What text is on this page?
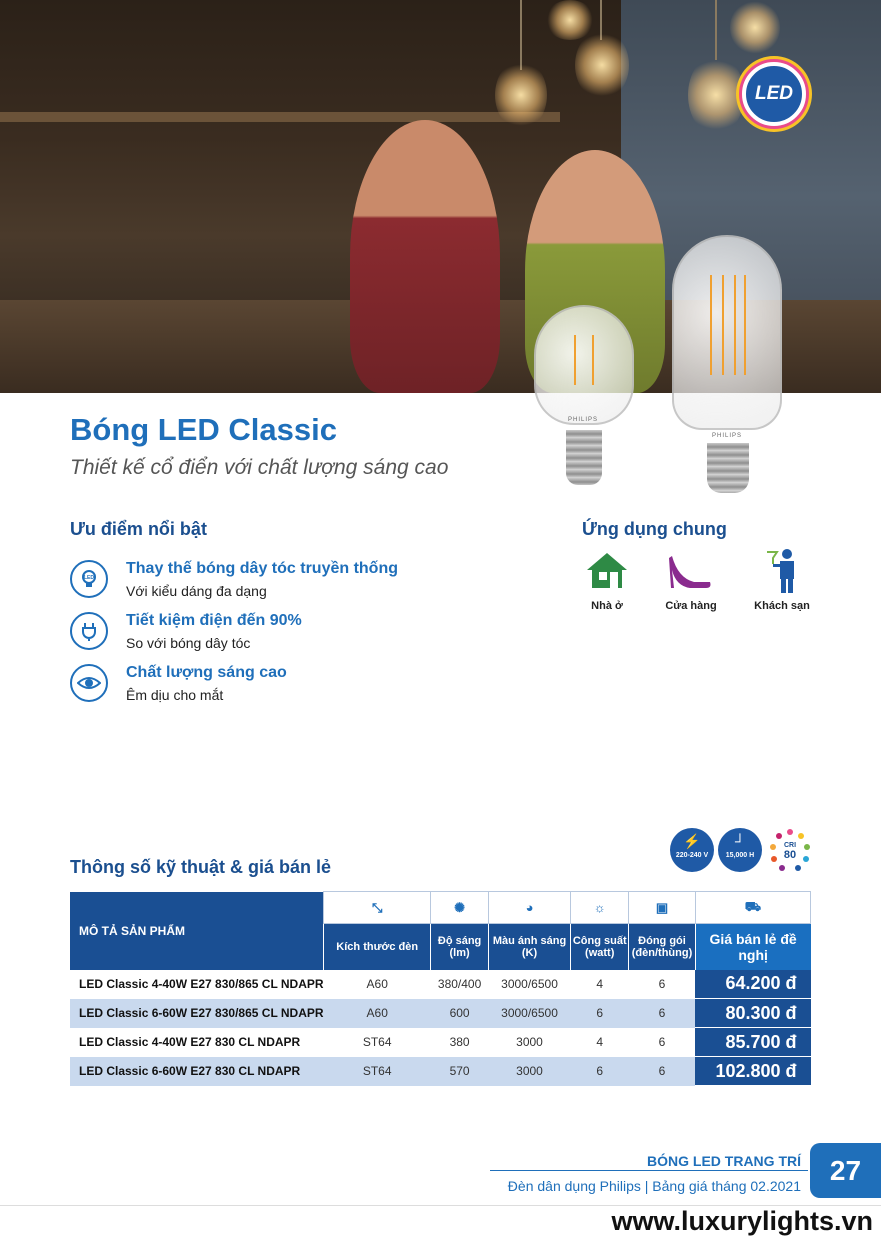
LED
PHILIPS
PHILIPS
Bóng LED Classic
Thiết kế cổ điển với chất lượng sáng cao
Ưu điểm nổi bật
LED
Thay thế bóng dây tóc truyền thống
Với kiểu dáng đa dạng
Tiết kiệm điện đến 90%
So với bóng dây tóc
Chất lượng sáng cao
Êm dịu cho mắt
Ứng dụng chung
Nhà ở	Cửa hàng	Khách sạn
Thông số kỹ thuật & giá bán lẻ
⚡
220-240 V
┘
15,000 H
CRI
80
MÔ TẢ SẢN PHẨM	⤡	✺	◕	☼	▣	⛟
	Kích thước đèn	Độ sáng (lm)	Màu ánh sáng (K)	Công suất (watt)	Đóng gói (đèn/thùng)	Giá bán lẻ đề nghị
LED Classic 4-40W E27 830/865 CL NDAPR	A60	380/400	3000/6500	4	6	64.200 đ
LED Classic 6-60W E27 830/865 CL NDAPR	A60	600	3000/6500	6	6	80.300 đ
LED Classic 4-40W E27 830 CL NDAPR	ST64	380	3000	4	6	85.700 đ
LED Classic 6-60W E27 830 CL NDAPR	ST64	570	3000	6	6	102.800 đ
BÓNG LED TRANG TRÍ
Đèn dân dụng Philips | Bảng giá tháng 02.2021
27
www.luxurylights.vn
